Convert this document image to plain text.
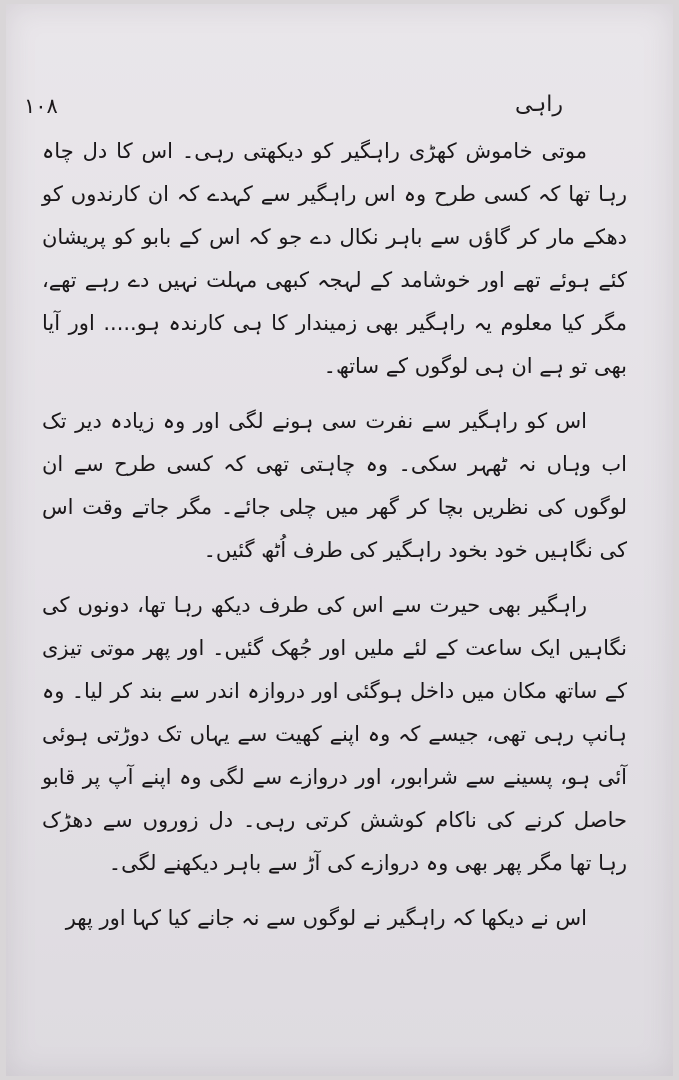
۱۰۸	راہی

موتی خاموش کھڑی راہگیر کو دیکھتی رہی۔ اس کا دل چاہ رہا تھا کہ کسی طرح وہ اس راہگیر سے کہدے کہ ان کارندوں کو دھکے مار کر گاؤں سے باہر نکال دے جو کہ اس کے بابو کو پریشان کئے ہوئے تھے اور خوشامد کے لہجہ کبھی مہلت نہیں دے رہے تھے، مگر کیا معلوم یہ راہگیر بھی زمیندار کا ہی کارندہ ہو..... اور آیا بھی تو ہے ان ہی لوگوں کے ساتھ۔

اس کو راہگیر سے نفرت سی ہونے لگی اور وہ زیادہ دیر تک اب وہاں نہ ٹھہر سکی۔ وہ چاہتی تھی کہ کسی طرح سے ان لوگوں کی نظریں بچا کر گھر میں چلی جائے۔ مگر جاتے وقت اس کی نگاہیں خود بخود راہگیر کی طرف اُٹھ گئیں۔

راہگیر بھی حیرت سے اس کی طرف دیکھ رہا تھا، دونوں کی نگاہیں ایک ساعت کے لئے ملیں اور جُھک گئیں۔ اور پھر موتی تیزی کے ساتھ مکان میں داخل ہوگئی اور دروازہ اندر سے بند کر لیا۔ وہ ہانپ رہی تھی، جیسے کہ وہ اپنے کھیت سے یہاں تک دوڑتی ہوئی آئی ہو، پسینے سے شرابور، اور دروازے سے لگی وہ اپنے آپ پر قابو حاصل کرنے کی ناکام کوشش کرتی رہی۔ دل زوروں سے دھڑک رہا تھا مگر پھر بھی وہ دروازے کی آڑ سے باہر دیکھنے لگی۔

اس نے دیکھا کہ راہگیر نے لوگوں سے نہ جانے کیا کہا اور پھر
